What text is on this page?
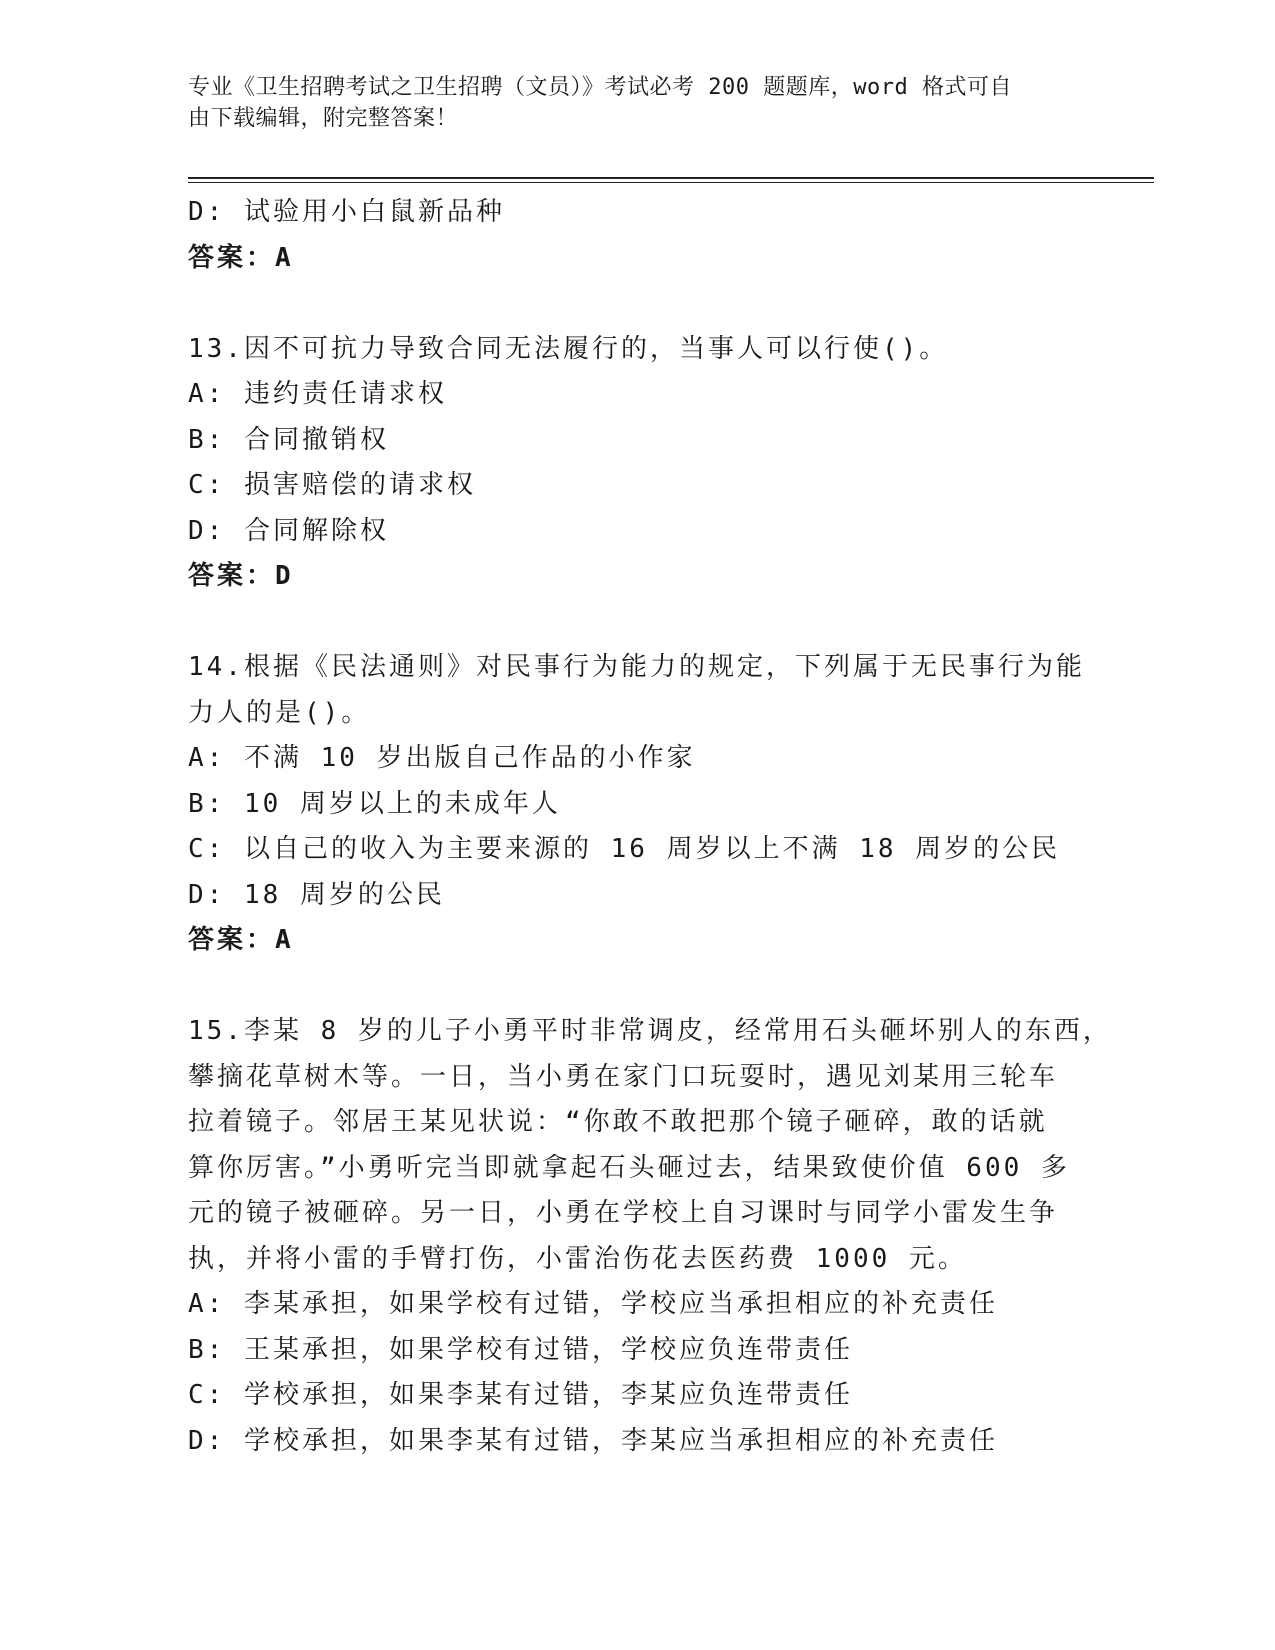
专业《卫生招聘考试之卫生招聘（文员）》考试必考 200 题题库，word 格式可自
由下载编辑，附完整答案！
D: 试验用小白鼠新品种
答案：A
13.因不可抗力导致合同无法履行的，当事人可以行使()。
A: 违约责任请求权
B: 合同撤销权
C: 损害赔偿的请求权
D: 合同解除权
答案：D
14.根据《民法通则》对民事行为能力的规定，下列属于无民事行为能
力人的是()。
A: 不满 10 岁出版自己作品的小作家
B: 10 周岁以上的未成年人
C: 以自己的收入为主要来源的 16 周岁以上不满 18 周岁的公民
D: 18 周岁的公民
答案：A
15.李某 8 岁的儿子小勇平时非常调皮，经常用石头砸坏别人的东西，
攀摘花草树木等。一日，当小勇在家门口玩耍时，遇见刘某用三轮车
拉着镜子。邻居王某见状说：“你敢不敢把那个镜子砸碎，敢的话就
算你厉害。”小勇听完当即就拿起石头砸过去，结果致使价值 600 多
元的镜子被砸碎。另一日，小勇在学校上自习课时与同学小雷发生争
执，并将小雷的手臂打伤，小雷治伤花去医药费 1000 元。
A: 李某承担，如果学校有过错，学校应当承担相应的补充责任
B: 王某承担，如果学校有过错，学校应负连带责任
C: 学校承担，如果李某有过错，李某应负连带责任
D: 学校承担，如果李某有过错，李某应当承担相应的补充责任
